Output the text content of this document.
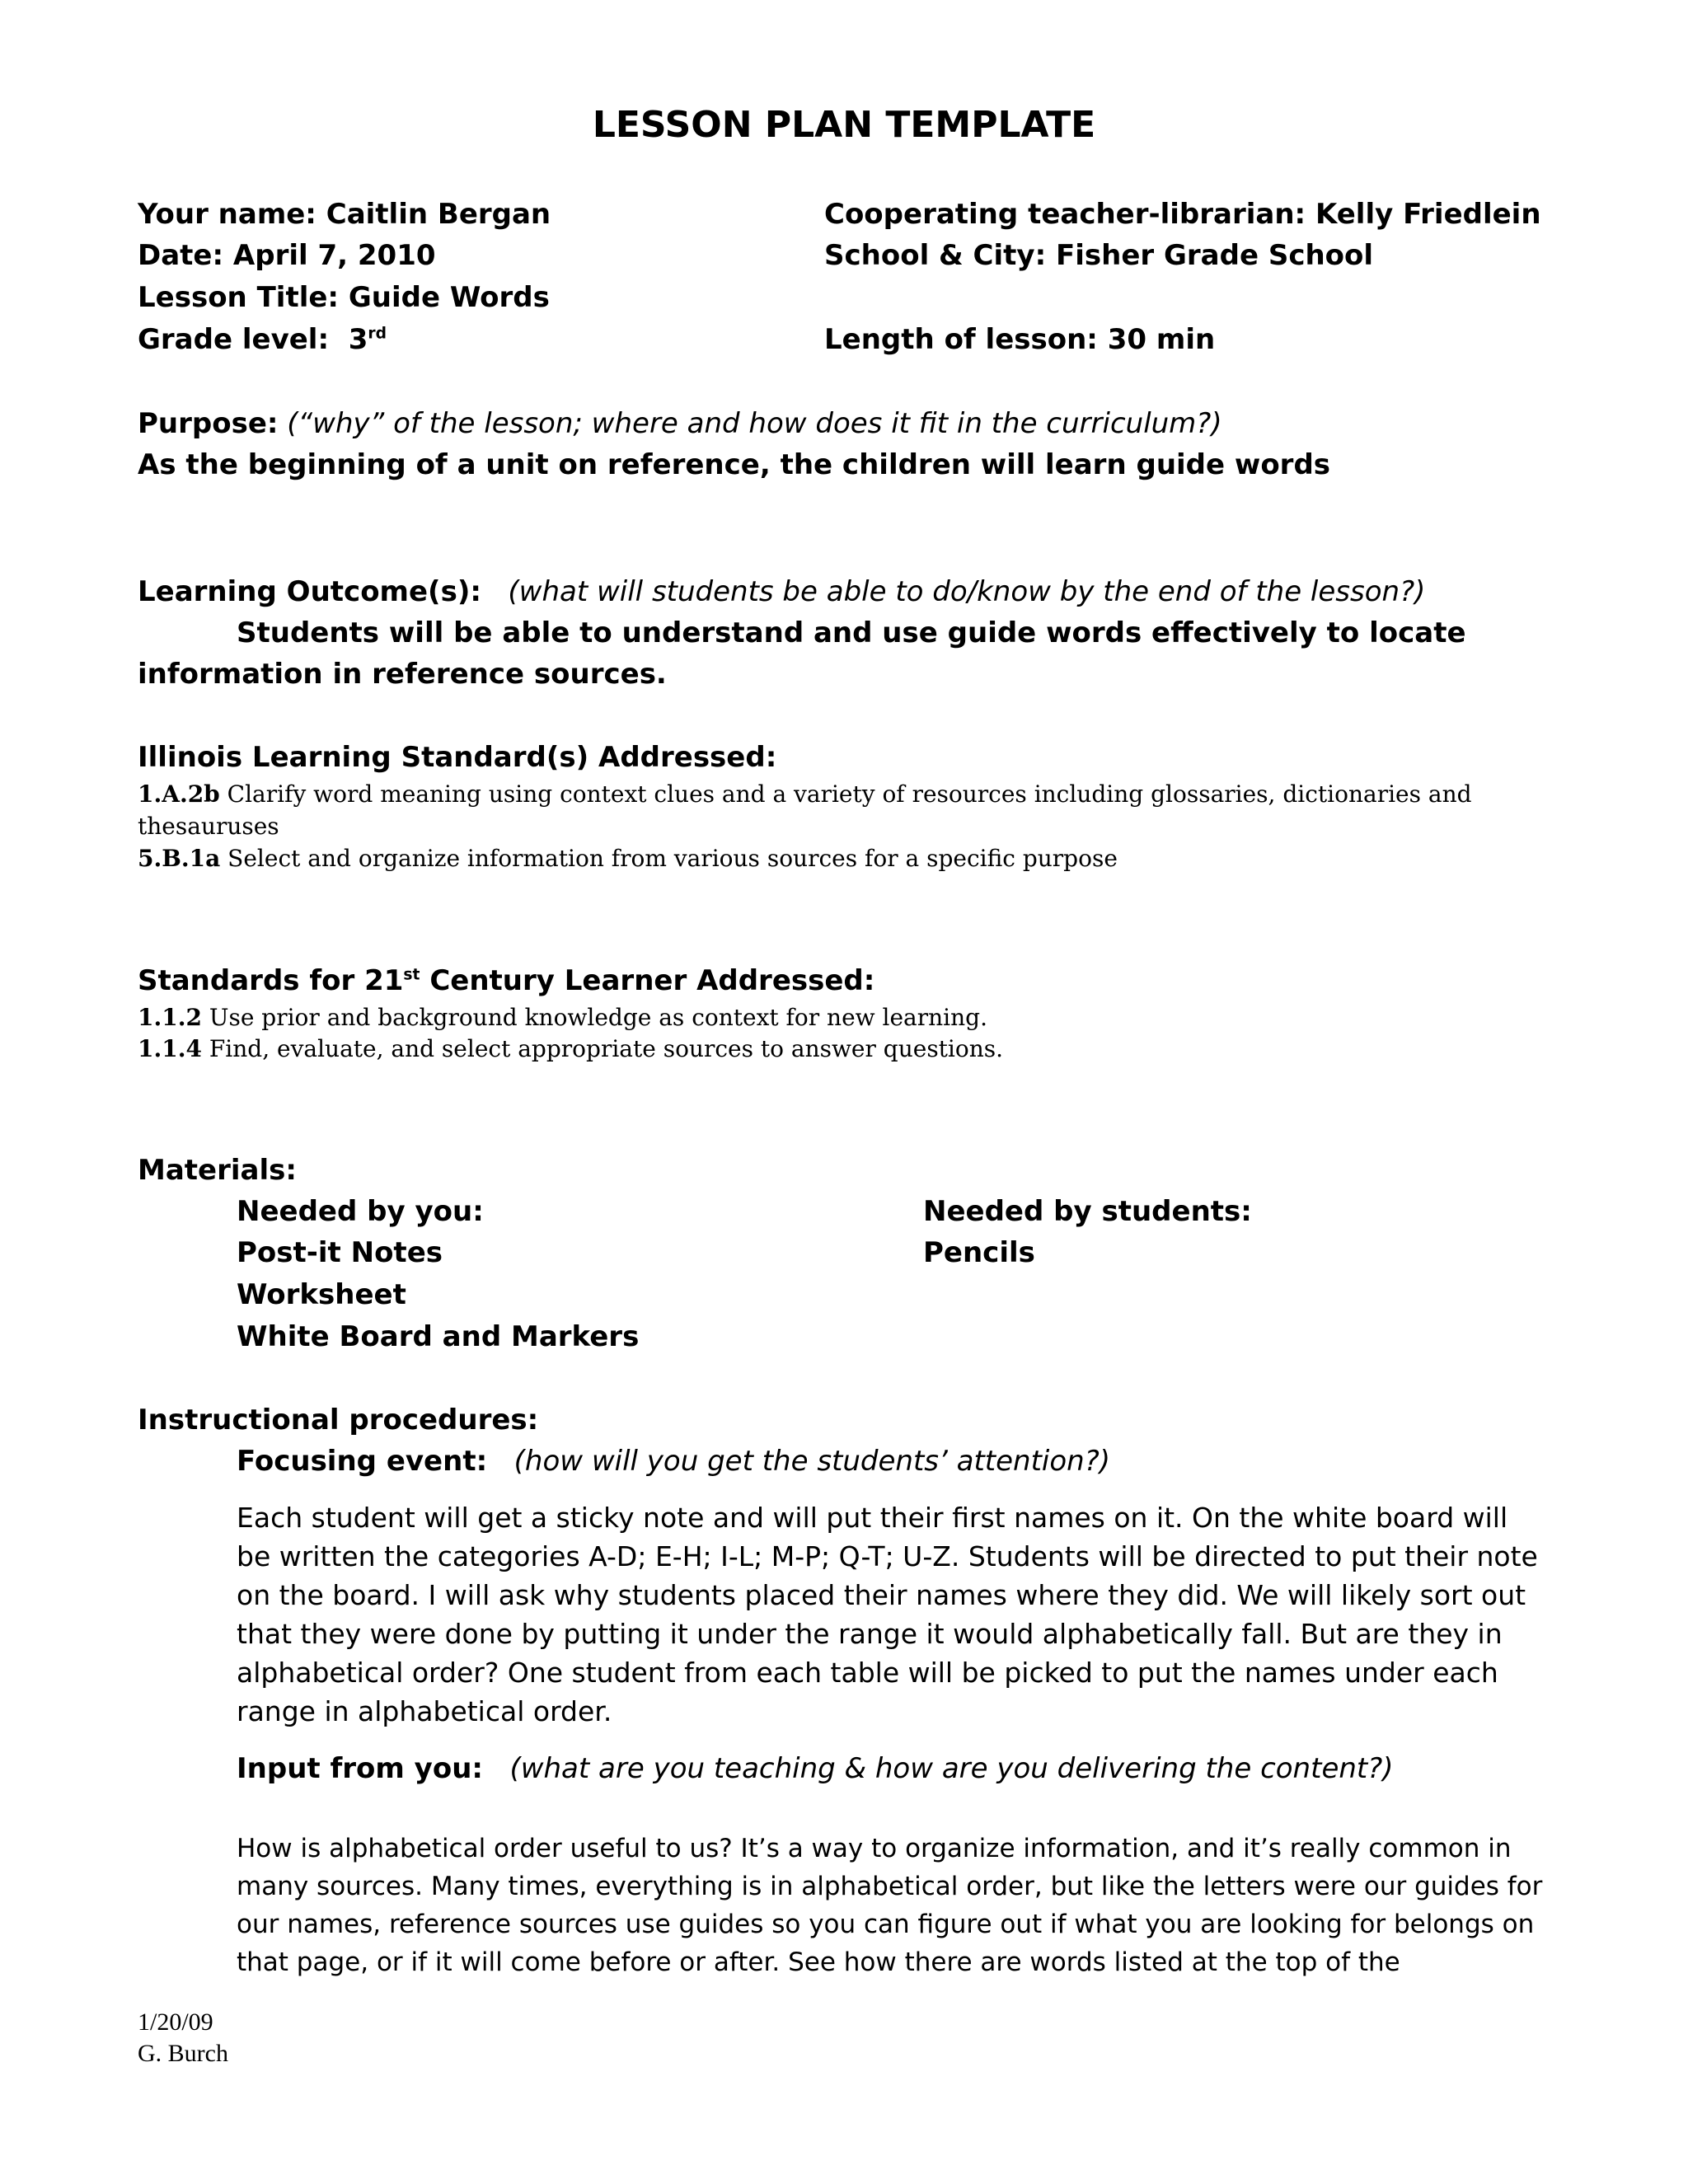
LESSON PLAN TEMPLATE
Your name: Caitlin Bergan	Cooperating teacher-librarian: Kelly Friedlein
Date: April 7, 2010	School & City: Fisher Grade School
Lesson Title: Guide Words
Grade level:  3rd	Length of lesson: 30 min
Purpose: (“why” of the lesson; where and how does it fit in the curriculum?)
As the beginning of a unit on reference, the children will learn guide words
Learning Outcome(s): (what will students be able to do/know by the end of the lesson?)
Students will be able to understand and use guide words effectively to locate
information in reference sources.
Illinois Learning Standard(s) Addressed:
1.A.2b Clarify word meaning using context clues and a variety of resources including glossaries, dictionaries and
thesauruses
5.B.1a Select and organize information from various sources for a specific purpose
Standards for 21st Century Learner Addressed:
1.1.2 Use prior and background knowledge as context for new learning.
1.1.4 Find, evaluate, and select appropriate sources to answer questions.
Materials:
Needed by you:	Needed by students:
Post-it Notes	Pencils
Worksheet
White Board and Markers
Instructional procedures:
Focusing event: (how will you get the students’ attention?)
Each student will get a sticky note and will put their first names on it. On the white board will be written the categories A-D; E-H; I-L; M-P; Q-T; U-Z. Students will be directed to put their note on the board. I will ask why students placed their names where they did. We will likely sort out that they were done by putting it under the range it would alphabetically fall. But are they in alphabetical order? One student from each table will be picked to put the names under each range in alphabetical order.
Input from you: (what are you teaching & how are you delivering the content?)
How is alphabetical order useful to us? It’s a way to organize information, and it’s really common in many sources. Many times, everything is in alphabetical order, but like the letters were our guides for our names, reference sources use guides so you can figure out if what you are looking for belongs on that page, or if it will come before or after. See how there are words listed at the top of the
1/20/09
G. Burch
